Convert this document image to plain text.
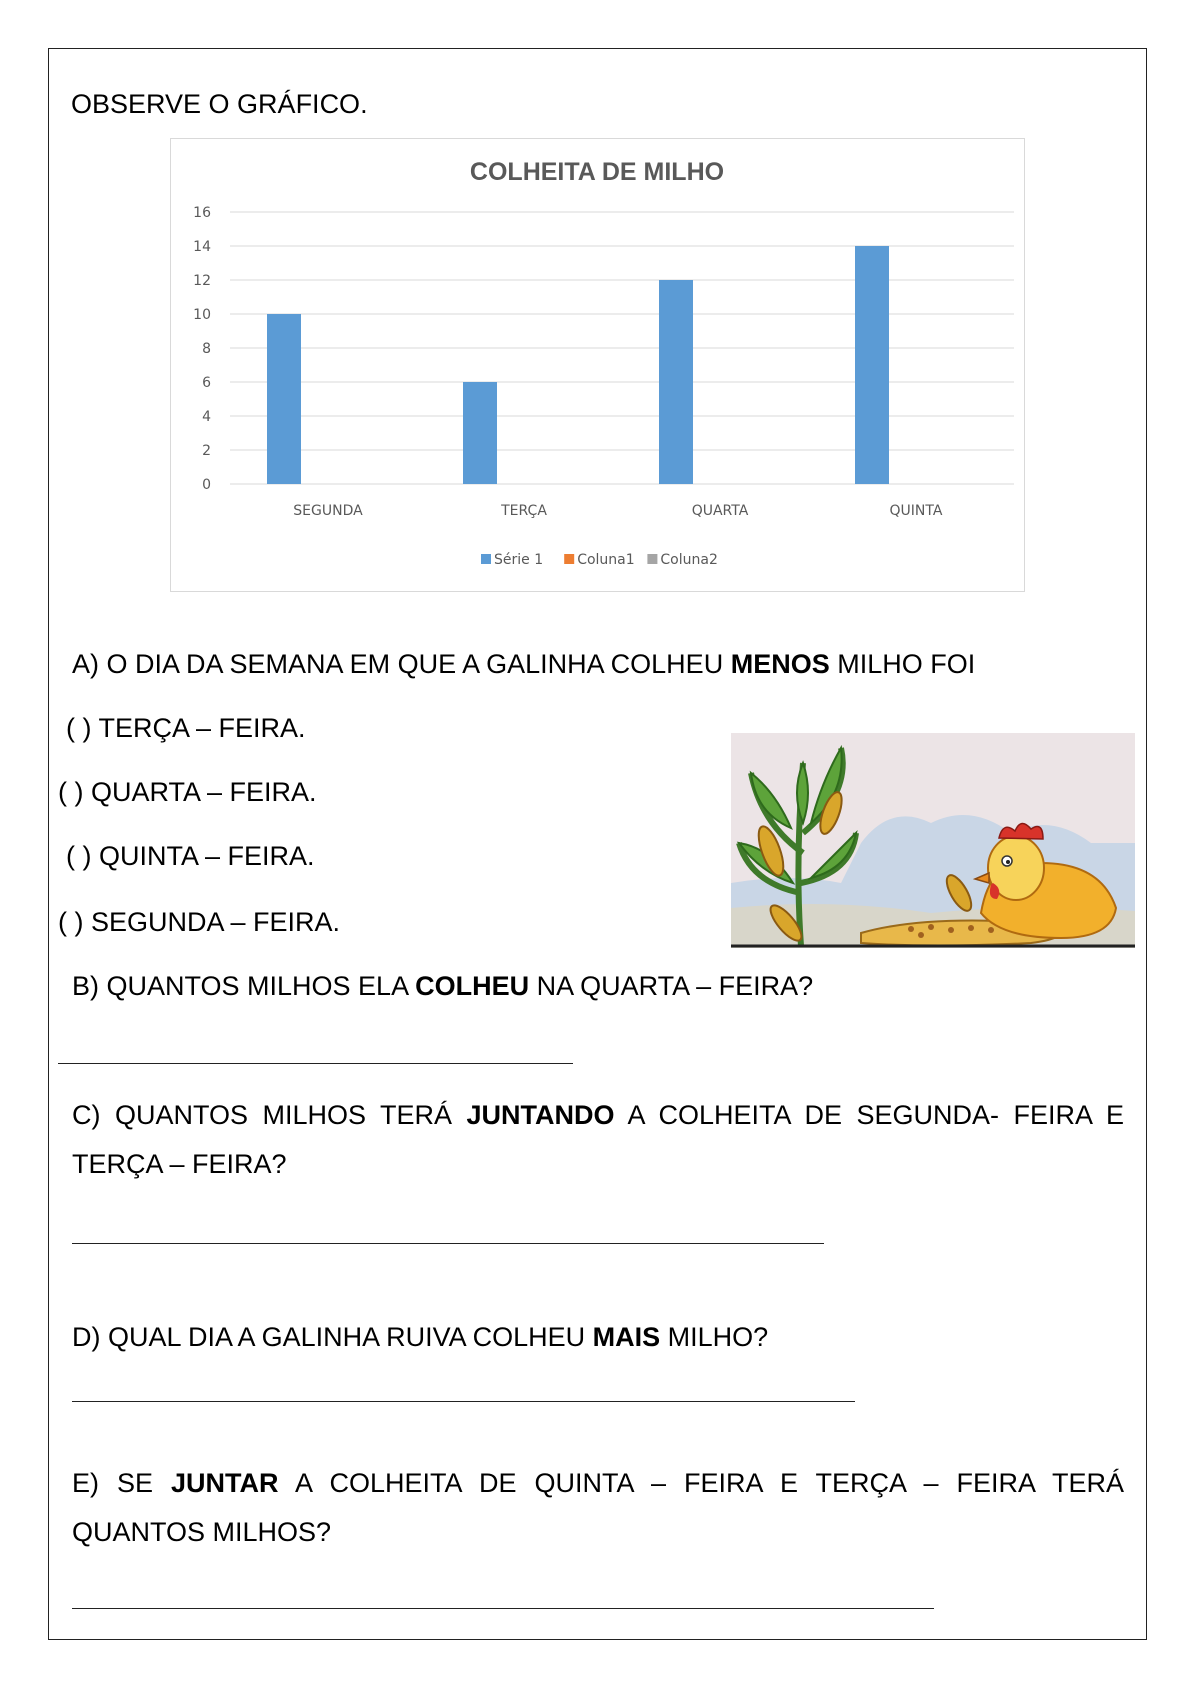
OBSERVE O GRÁFICO.
COLHEITA DE MILHO
0
2
4
6
8
10
12
14
16
SEGUNDA	TERÇA	QUARTA	QUINTA
Série 1 Coluna1 Coluna2
A) O DIA DA SEMANA EM QUE A GALINHA COLHEU MENOS MILHO FOI
( ) TERÇA – FEIRA.
( ) QUARTA – FEIRA.
( ) QUINTA – FEIRA.
( ) SEGUNDA – FEIRA.
B) QUANTOS MILHOS ELA COLHEU NA QUARTA – FEIRA?
C) QUANTOS MILHOS TERÁ JUNTANDO A COLHEITA DE SEGUNDA- FEIRA E TERÇA – FEIRA?
D) QUAL DIA A GALINHA RUIVA COLHEU MAIS MILHO?
E) SE JUNTAR A COLHEITA DE QUINTA – FEIRA E TERÇA – FEIRA TERÁ QUANTOS MILHOS?
